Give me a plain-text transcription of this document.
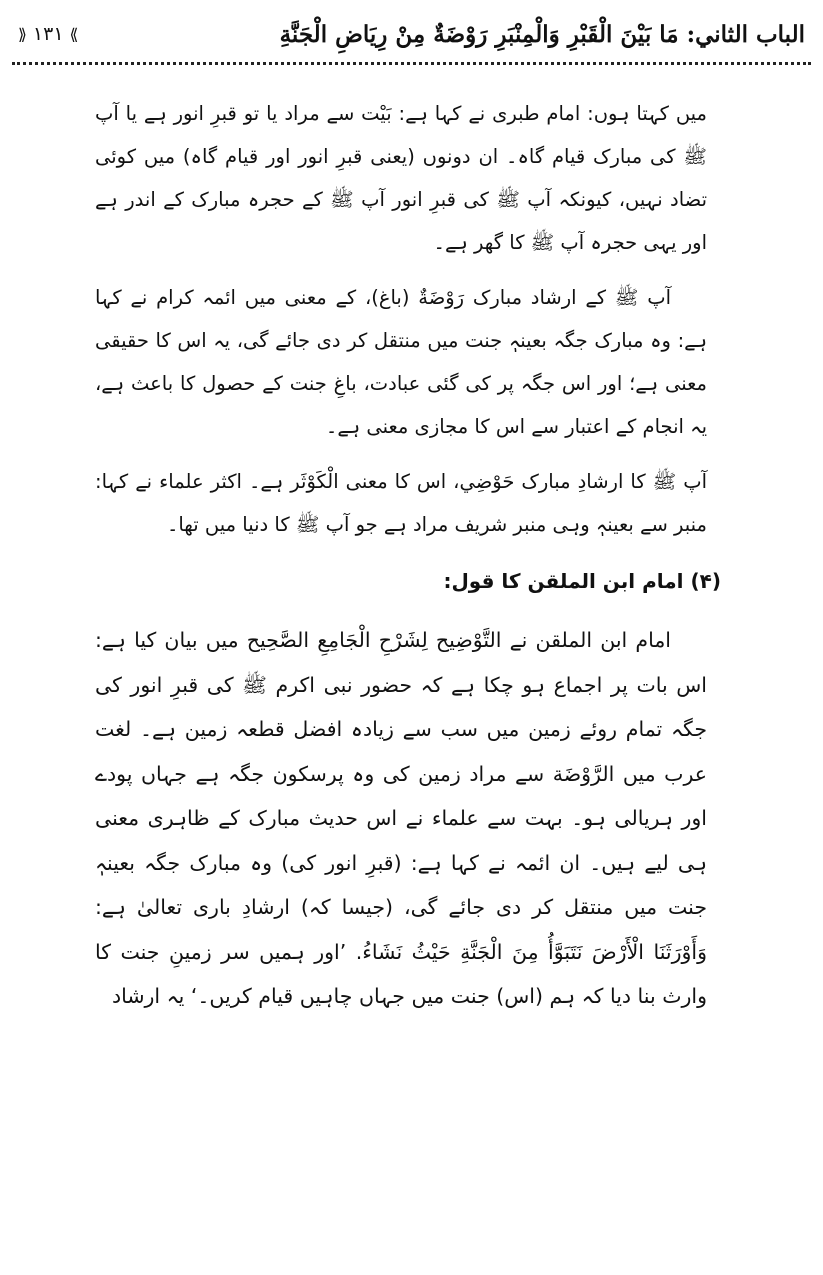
الباب الثاني: مَا بَيْنَ الْقَبْرِ وَالْمِنْبَرِ رَوْضَةٌ مِنْ رِيَاضِ الْجَنَّةِ
⟫
١٣١
⟪

میں کہتا ہوں: امام طبری نے کہا ہے: بَیْت سے مراد یا تو قبرِ انور ہے یا آپ ﷺ کی مبارک قیام گاہ۔ ان دونوں (یعنی قبرِ انور اور قیام گاہ) میں کوئی تضاد نہیں، کیونکہ آپ ﷺ کی قبرِ انور آپ ﷺ کے حجرہ مبارک کے اندر ہے اور یہی حجرہ آپ ﷺ کا گھر ہے۔

آپ ﷺ کے ارشاد مبارک رَوْضَةٌ (باغ)، کے معنی میں ائمہ کرام نے کہا ہے: وہ مبارک جگہ بعینہٖ جنت میں منتقل کر دی جائے گی، یہ اس کا حقیقی معنی ہے؛ اور اس جگہ پر کی گئی عبادت، باغِ جنت کے حصول کا باعث ہے، یہ انجام کے اعتبار سے اس کا مجازی معنی ہے۔

آپ ﷺ کا ارشادِ مبارک حَوْضِي، اس کا معنی الْكَوْثَر ہے۔ اکثر علماء نے کہا: منبر سے بعینہٖ وہی منبر شریف مراد ہے جو آپ ﷺ کا دنیا میں تھا۔

(۴) امام ابن الملقن کا قول:

امام ابن الملقن نے التَّوْضِيح لِشَرْحِ الْجَامِعِ الصَّحِيح میں بیان کیا ہے: اس بات پر اجماع ہو چکا ہے کہ حضور نبی اکرم ﷺ کی قبرِ انور کی جگہ تمام روئے زمین میں سب سے زیادہ افضل قطعہ زمین ہے۔ لغت عرب میں الرَّوْضَة سے مراد زمین کی وہ پرسکون جگہ ہے جہاں پودے اور ہریالی ہو۔ بہت سے علماء نے اس حدیث مبارک کے ظاہری معنی ہی لیے ہیں۔ ان ائمہ نے کہا ہے: (قبرِ انور کی) وہ مبارک جگہ بعینہٖ جنت میں منتقل کر دی جائے گی، (جیسا کہ) ارشادِ باری تعالیٰ ہے: وَأَوْرَثَنَا الْأَرْضَ نَتَبَوَّأُ مِنَ الْجَنَّةِ حَيْثُ نَشَاءُ. ’اور ہمیں سر زمینِ جنت کا وارث بنا دیا کہ ہم (اس) جنت میں جہاں چاہیں قیام کریں۔‘ یہ ارشاد
